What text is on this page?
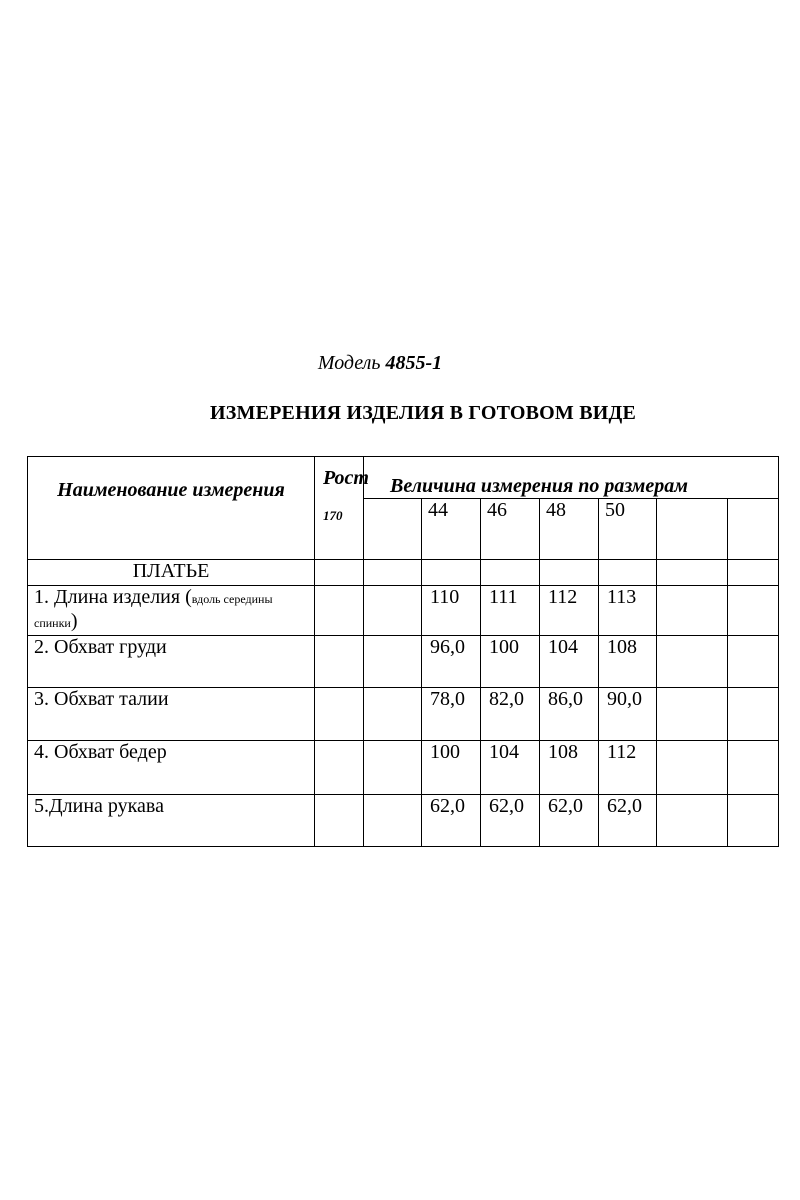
Модель 4855-1
ИЗМЕРЕНИЯ ИЗДЕЛИЯ В ГОТОВОМ ВИДЕ
Наименование измерения	Рост
170	Величина измерения по размерам						
			44	46	48	50		
ПЛАТЬЕ								
1. Длина изделия (вдоль середины спинки)			110	111	112	113		
2. Обхват груди			96,0	100	104	108		
3. Обхват талии			78,0	82,0	86,0	90,0		
4. Обхват бедер			100	104	108	112		
5.Длина рукава			62,0	62,0	62,0	62,0		
